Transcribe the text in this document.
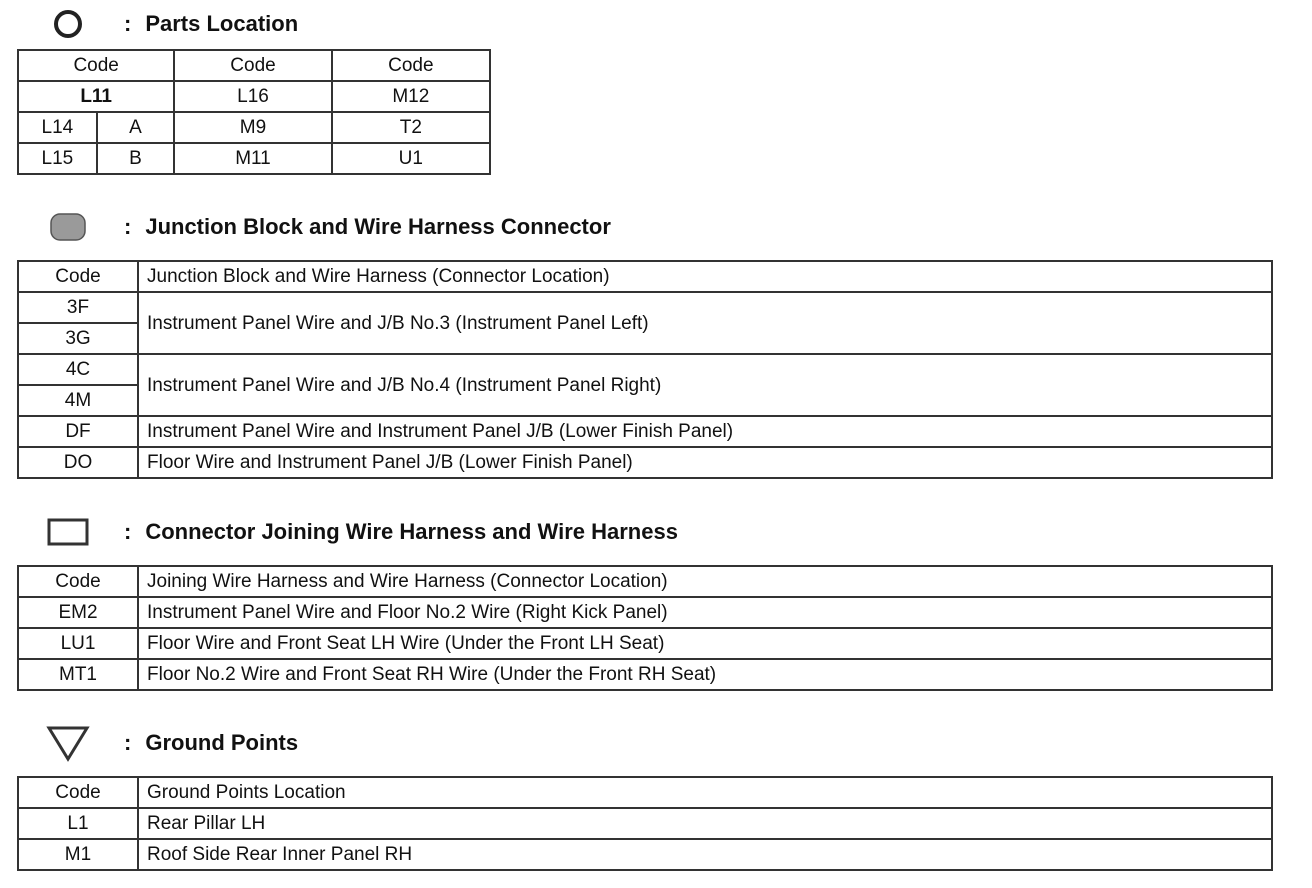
: Parts Location
Code		Code	Code
L11		L16	M12
L14	A	M9	T2
L15	B	M11	U1
: Junction Block and Wire Harness Connector
Code	Junction Block and Wire Harness (Connector Location)
3F	Instrument Panel Wire and J/B No.3 (Instrument Panel Left)
3G	
4C	Instrument Panel Wire and J/B No.4 (Instrument Panel Right)
4M	
DF	Instrument Panel Wire and Instrument Panel J/B (Lower Finish Panel)
DO	Floor Wire and Instrument Panel J/B (Lower Finish Panel)
: Connector Joining Wire Harness and Wire Harness
Code	Joining Wire Harness and Wire Harness (Connector Location)
EM2	Instrument Panel Wire and Floor No.2 Wire (Right Kick Panel)
LU1	Floor Wire and Front Seat LH Wire (Under the Front LH Seat)
MT1	Floor No.2 Wire and Front Seat RH Wire (Under the Front RH Seat)
: Ground Points
Code	Ground Points Location
L1	Rear Pillar LH
M1	Roof Side Rear Inner Panel RH
